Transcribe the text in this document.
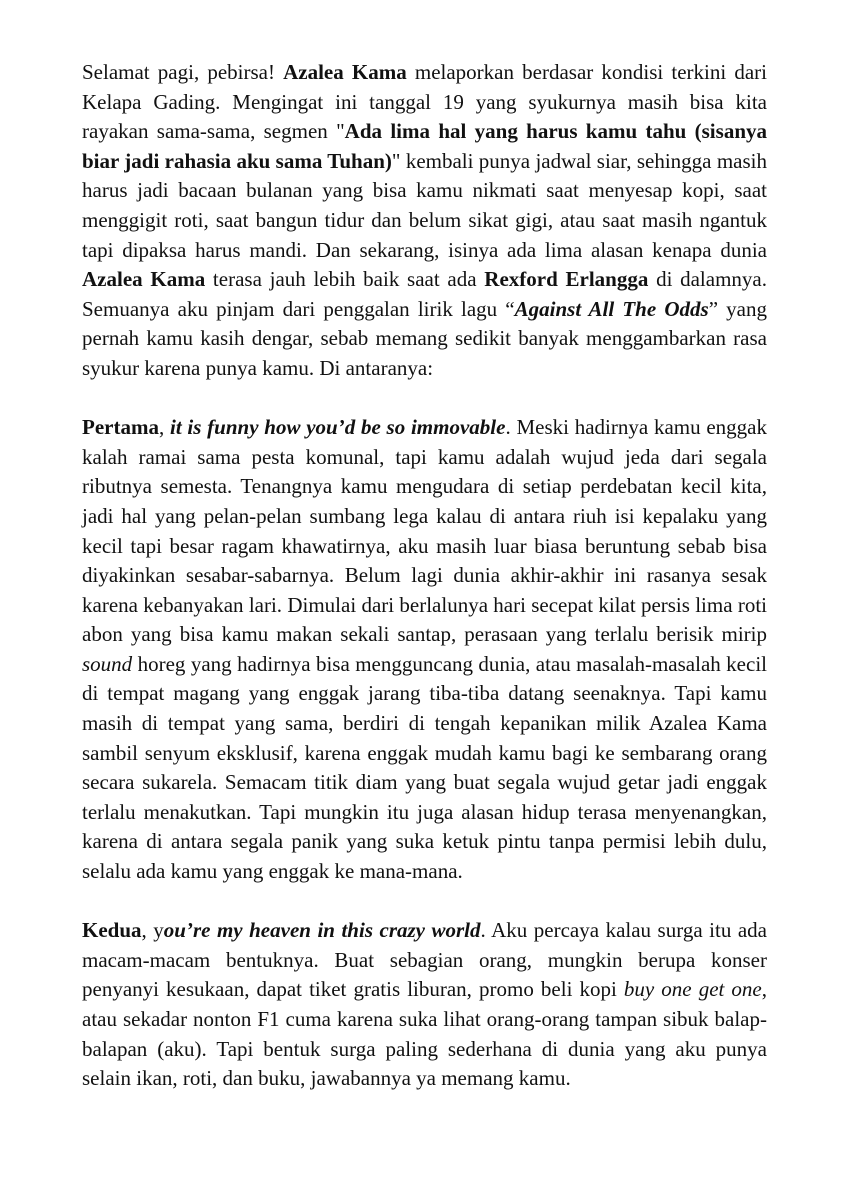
Selamat pagi, pebirsa! Azalea Kama melaporkan berdasar kondisi terkini dari Kelapa Gading. Mengingat ini tanggal 19 yang syukurnya masih bisa kita rayakan sama-sama, segmen "Ada lima hal yang harus kamu tahu (sisanya biar jadi rahasia aku sama Tuhan)" kembali punya jadwal siar, sehingga masih harus jadi bacaan bulanan yang bisa kamu nikmati saat menyesap kopi, saat menggigit roti, saat bangun tidur dan belum sikat gigi, atau saat masih ngantuk tapi dipaksa harus mandi. Dan sekarang, isinya ada lima alasan kenapa dunia Azalea Kama terasa jauh lebih baik saat ada Rexford Erlangga di dalamnya. Semuanya aku pinjam dari penggalan lirik lagu “Against All The Odds” yang pernah kamu kasih dengar, sebab memang sedikit banyak menggambarkan rasa syukur karena punya kamu. Di antaranya:

Pertama, it is funny how you’d be so immovable. Meski hadirnya kamu enggak kalah ramai sama pesta komunal, tapi kamu adalah wujud jeda dari segala ributnya semesta. Tenangnya kamu mengudara di setiap perdebatan kecil kita, jadi hal yang pelan-pelan sumbang lega kalau di antara riuh isi kepalaku yang kecil tapi besar ragam khawatirnya, aku masih luar biasa beruntung sebab bisa diyakinkan sesabar-sabarnya. Belum lagi dunia akhir-akhir ini rasanya sesak karena kebanyakan lari. Dimulai dari berlalunya hari secepat kilat persis lima roti abon yang bisa kamu makan sekali santap, perasaan yang terlalu berisik mirip sound horeg yang hadirnya bisa mengguncang dunia, atau masalah-masalah kecil di tempat magang yang enggak jarang tiba-tiba datang seenaknya. Tapi kamu masih di tempat yang sama, berdiri di tengah kepanikan milik Azalea Kama sambil senyum eksklusif, karena enggak mudah kamu bagi ke sembarang orang secara sukarela. Semacam titik diam yang buat segala wujud getar jadi enggak terlalu menakutkan. Tapi mungkin itu juga alasan hidup terasa menyenangkan, karena di antara segala panik yang suka ketuk pintu tanpa permisi lebih dulu, selalu ada kamu yang enggak ke mana-mana.

Kedua, you’re my heaven in this crazy world. Aku percaya kalau surga itu ada macam-macam bentuknya. Buat sebagian orang, mungkin berupa konser penyanyi kesukaan, dapat tiket gratis liburan, promo beli kopi buy one get one, atau sekadar nonton F1 cuma karena suka lihat orang-orang tampan sibuk balap-balapan (aku). Tapi bentuk surga paling sederhana di dunia yang aku punya selain ikan, roti, dan buku, jawabannya ya memang kamu.
